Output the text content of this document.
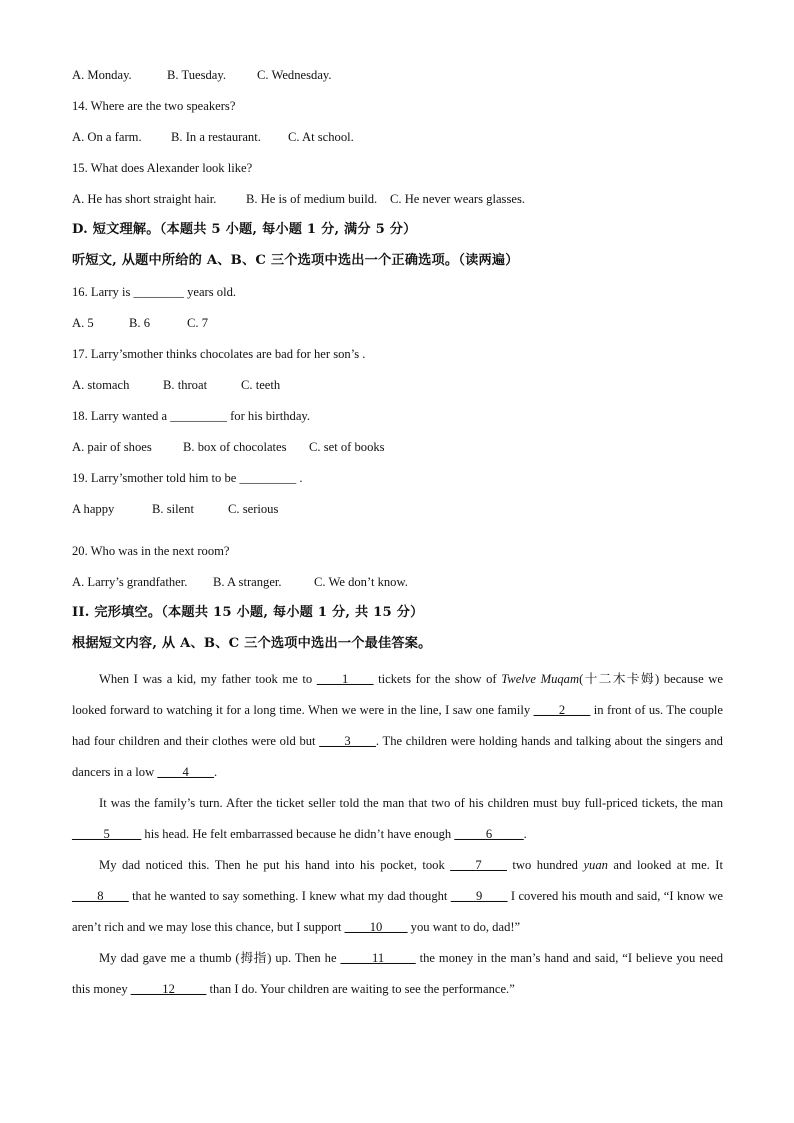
A. Monday.	B. Tuesday. C. Wednesday.
14. Where are the two speakers?
A. On a farm. B. In a restaurant. C. At school.
15. What does Alexander look like?
A. He has short straight hair. B. He is of medium build. C. He never wears glasses.
D. 短文理解。（本题共 5 小题, 每小题 1 分, 满分 5 分）
听短文, 从题中所给的 A、B、C 三个选项中选出一个正确选项。（读两遍）
16. Larry is ________ years old.
A. 5	B. 6	C. 7
17. Larry’smother thinks chocolates are bad for her son’s .
A. stomach	B. throat	C. teeth
18. Larry wanted a _________ for his birthday.
A. pair of shoes B. box of chocolates C. set of books
19. Larry’smother told him to be _________ .
A happy	B. silent	C. serious
20. Who was in the next room?
A. Larry’s grandfather. B. A stranger.	C. We don’t know.
II. 完形填空。（本题共 15 小题, 每小题 1 分, 共 15 分）
根据短文内容, 从 A、B、C 三个选项中选出一个最佳答案。
When I was a kid, my father took me to ____1____ tickets for the show of Twelve Muqam(十二木卡姆) because we looked forward to watching it for a long time. When we were in the line, I saw one family ____2____ in front of us. The couple had four children and their clothes were old but ____3____. The children were holding hands and talking about the singers and dancers in a low ____4____.
It was the family’s turn. After the ticket seller told the man that two of his children must buy full-priced tickets, the man _____5_____ his head. He felt embarrassed because he didn’t have enough _____6_____.
My dad noticed this. Then he put his hand into his pocket, took ____7____ two hundred yuan and looked at me. It ____8____ that he wanted to say something. I knew what my dad thought ____9____ I covered his mouth and said, “I know we aren’t rich and we may lose this chance, but I support ____10____ you want to do, dad!”
My dad gave me a thumb (拇指) up. Then he _____11_____ the money in the man’s hand and said, “I believe you need this money _____12_____ than I do. Your children are waiting to see the performance.”
